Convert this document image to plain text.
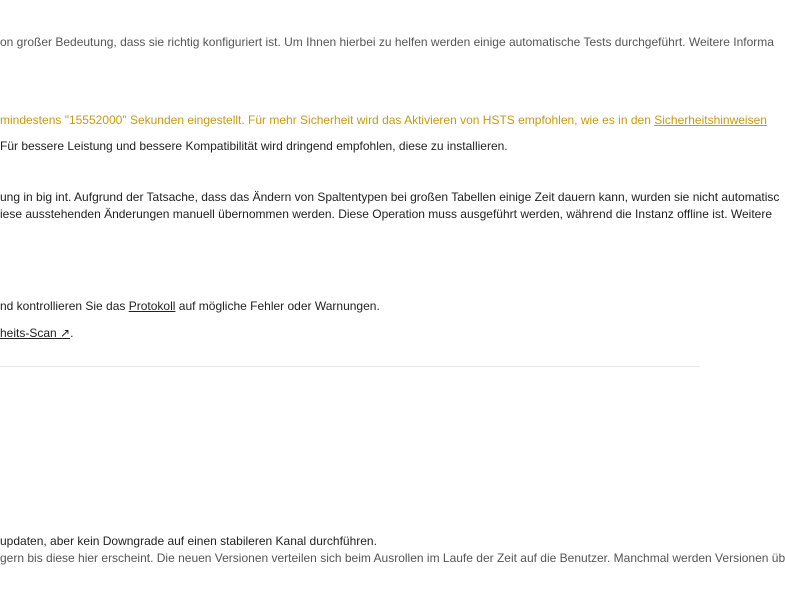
on großer Bedeutung, dass sie richtig konfiguriert ist. Um Ihnen hierbei zu helfen werden einige automatische Tests durchgeführt. Weitere Informa
mindestens "15552000" Sekunden eingestellt. Für mehr Sicherheit wird das Aktivieren von HSTS empfohlen, wie es in den Sicherheitshinweisen
Für bessere Leistung und bessere Kompatibilität wird dringend empfohlen, diese zu installieren.
ung in big int. Aufgrund der Tatsache, dass das Ändern von Spaltentypen bei großen Tabellen einige Zeit dauern kann, wurden sie nicht automatisc
iese ausstehenden Änderungen manuell übernommen werden. Diese Operation muss ausgeführt werden, während die Instanz offline ist. Weitere
nd kontrollieren Sie das Protokoll auf mögliche Fehler oder Warnungen.
heits-Scan ↗.
updaten, aber kein Downgrade auf einen stabileren Kanal durchführen.
gern bis diese hier erscheint. Die neuen Versionen verteilen sich beim Ausrollen im Laufe der Zeit auf die Benutzer. Manchmal werden Versionen üb
